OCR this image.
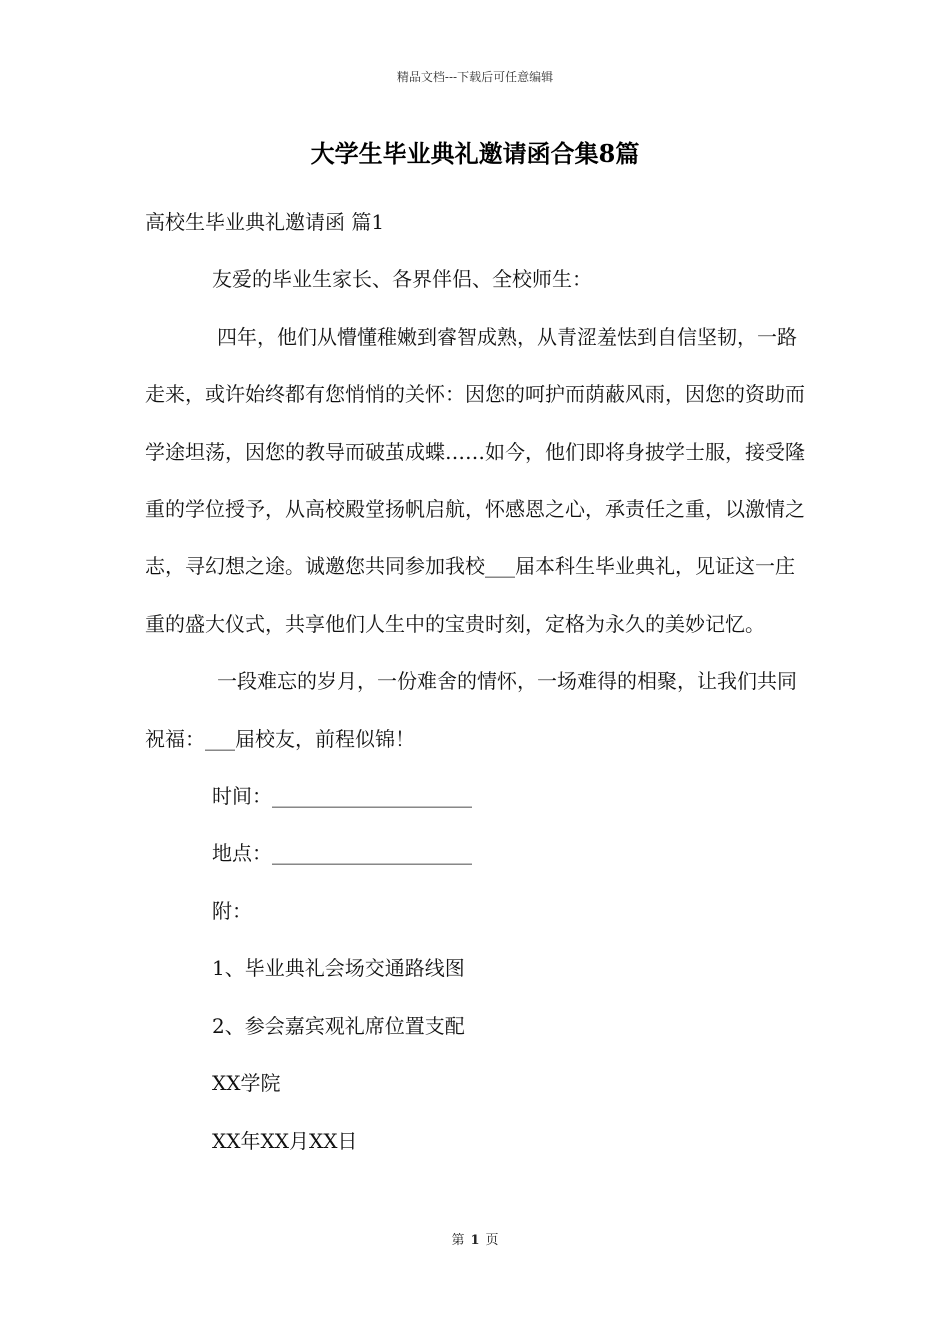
精品文档---下载后可任意编辑
大学生毕业典礼邀请函合集8篇

高校生毕业典礼邀请函 篇1

友爱的毕业生家长、各界伴侣、全校师生：

四年，他们从懵懂稚嫩到睿智成熟，从青涩羞怯到自信坚韧，一路走来，或许始终都有您悄悄的关怀：因您的呵护而荫蔽风雨，因您的资助而学途坦荡，因您的教导而破茧成蝶……如今，他们即将身披学士服，接受隆重的学位授予，从高校殿堂扬帆启航，怀感恩之心，承责任之重，以激情之志，寻幻想之途。诚邀您共同参加我校___届本科生毕业典礼，见证这一庄重的盛大仪式，共享他们人生中的宝贵时刻，定格为永久的美妙记忆。

一段难忘的岁月，一份难舍的情怀，一场难得的相聚，让我们共同祝福：___届校友，前程似锦！

时间：____________________

地点：____________________

附：

1、毕业典礼会场交通路线图

2、参会嘉宾观礼席位置支配

XX学院

XX年XX月XX日

第 1 页
